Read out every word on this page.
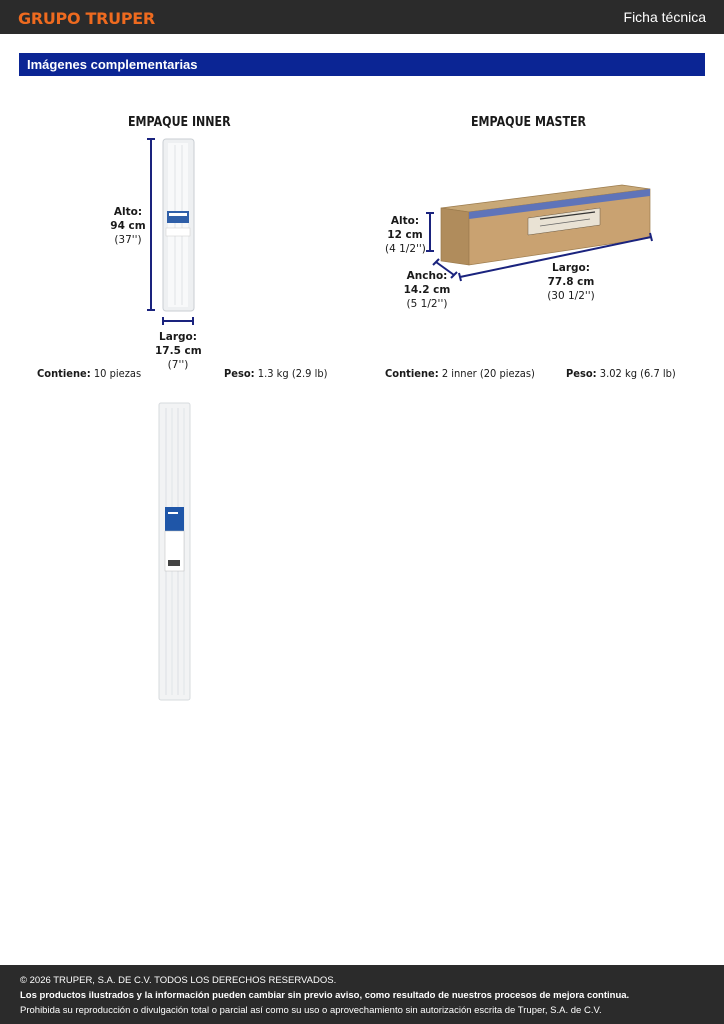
GRUPO TRUPER	Ficha técnica
Imágenes complementarias
EMPAQUE INNER
Alto:
94 cm
(37'')
Largo:
17.5 cm
(7'')
Contiene: 10 piezas	Peso: 1.3 kg (2.9 lb)
EMPAQUE MASTER
Alto:
12 cm
(4 1/2'')
Ancho:
14.2 cm
(5 1/2'')
Largo:
77.8 cm
(30 1/2'')
Contiene: 2 inner (20 piezas)	Peso: 3.02 kg (6.7 lb)
© 2026 TRUPER, S.A. DE C.V. TODOS LOS DERECHOS RESERVADOS.
Los productos ilustrados y la información pueden cambiar sin previo aviso, como resultado de nuestros procesos de mejora continua.
Prohibida su reproducción o divulgación total o parcial así como su uso o aprovechamiento sin autorización escrita de Truper, S.A. de C.V.
